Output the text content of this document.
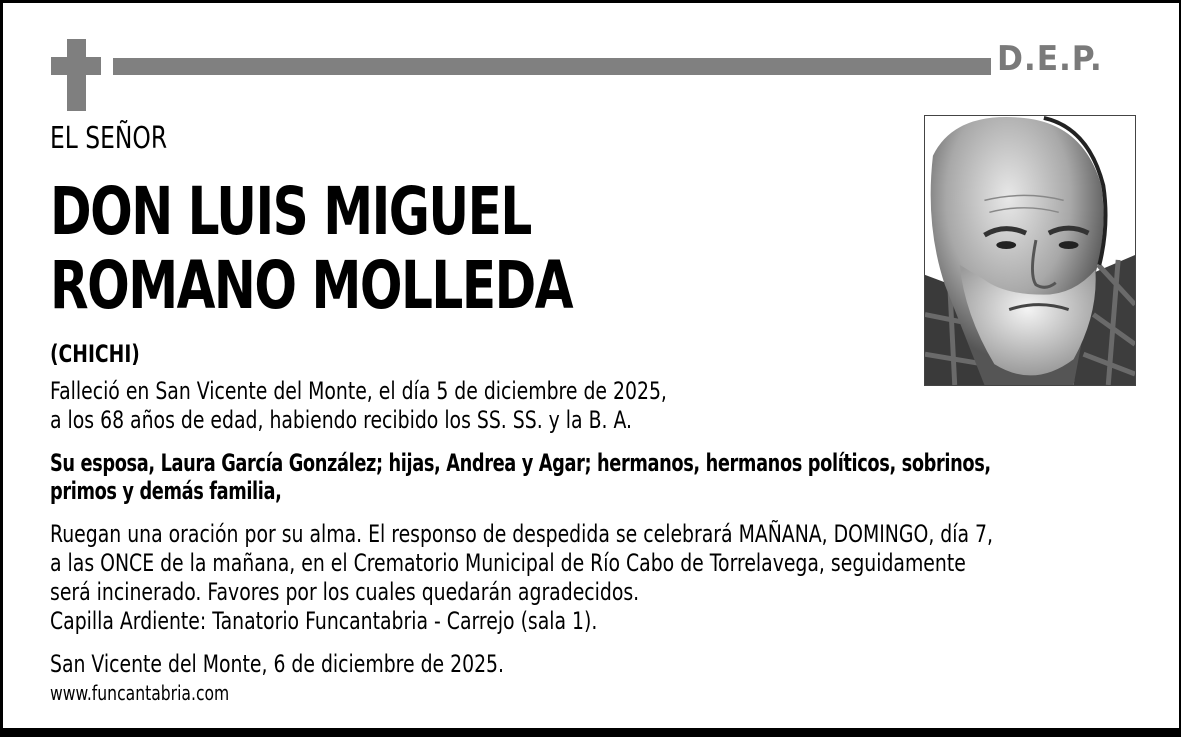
D.E.P.
EL SEÑOR
DON LUIS MIGUEL
ROMANO MOLLEDA
(CHICHI)
Falleció en San Vicente del Monte, el día 5 de diciembre de 2025,
a los 68 años de edad, habiendo recibido los SS. SS. y la B. A.
Su esposa, Laura García González; hijas, Andrea y Agar; hermanos, hermanos políticos, sobrinos,
primos y demás familia,
Ruegan una oración por su alma. El responso de despedida se celebrará MAÑANA, DOMINGO, día 7,
a las ONCE de la mañana, en el Crematorio Municipal de Río Cabo de Torrelavega, seguidamente
será incinerado. Favores por los cuales quedarán agradecidos.
Capilla Ardiente: Tanatorio Funcantabria - Carrejo (sala 1).
San Vicente del Monte, 6 de diciembre de 2025.
www.funcantabria.com
